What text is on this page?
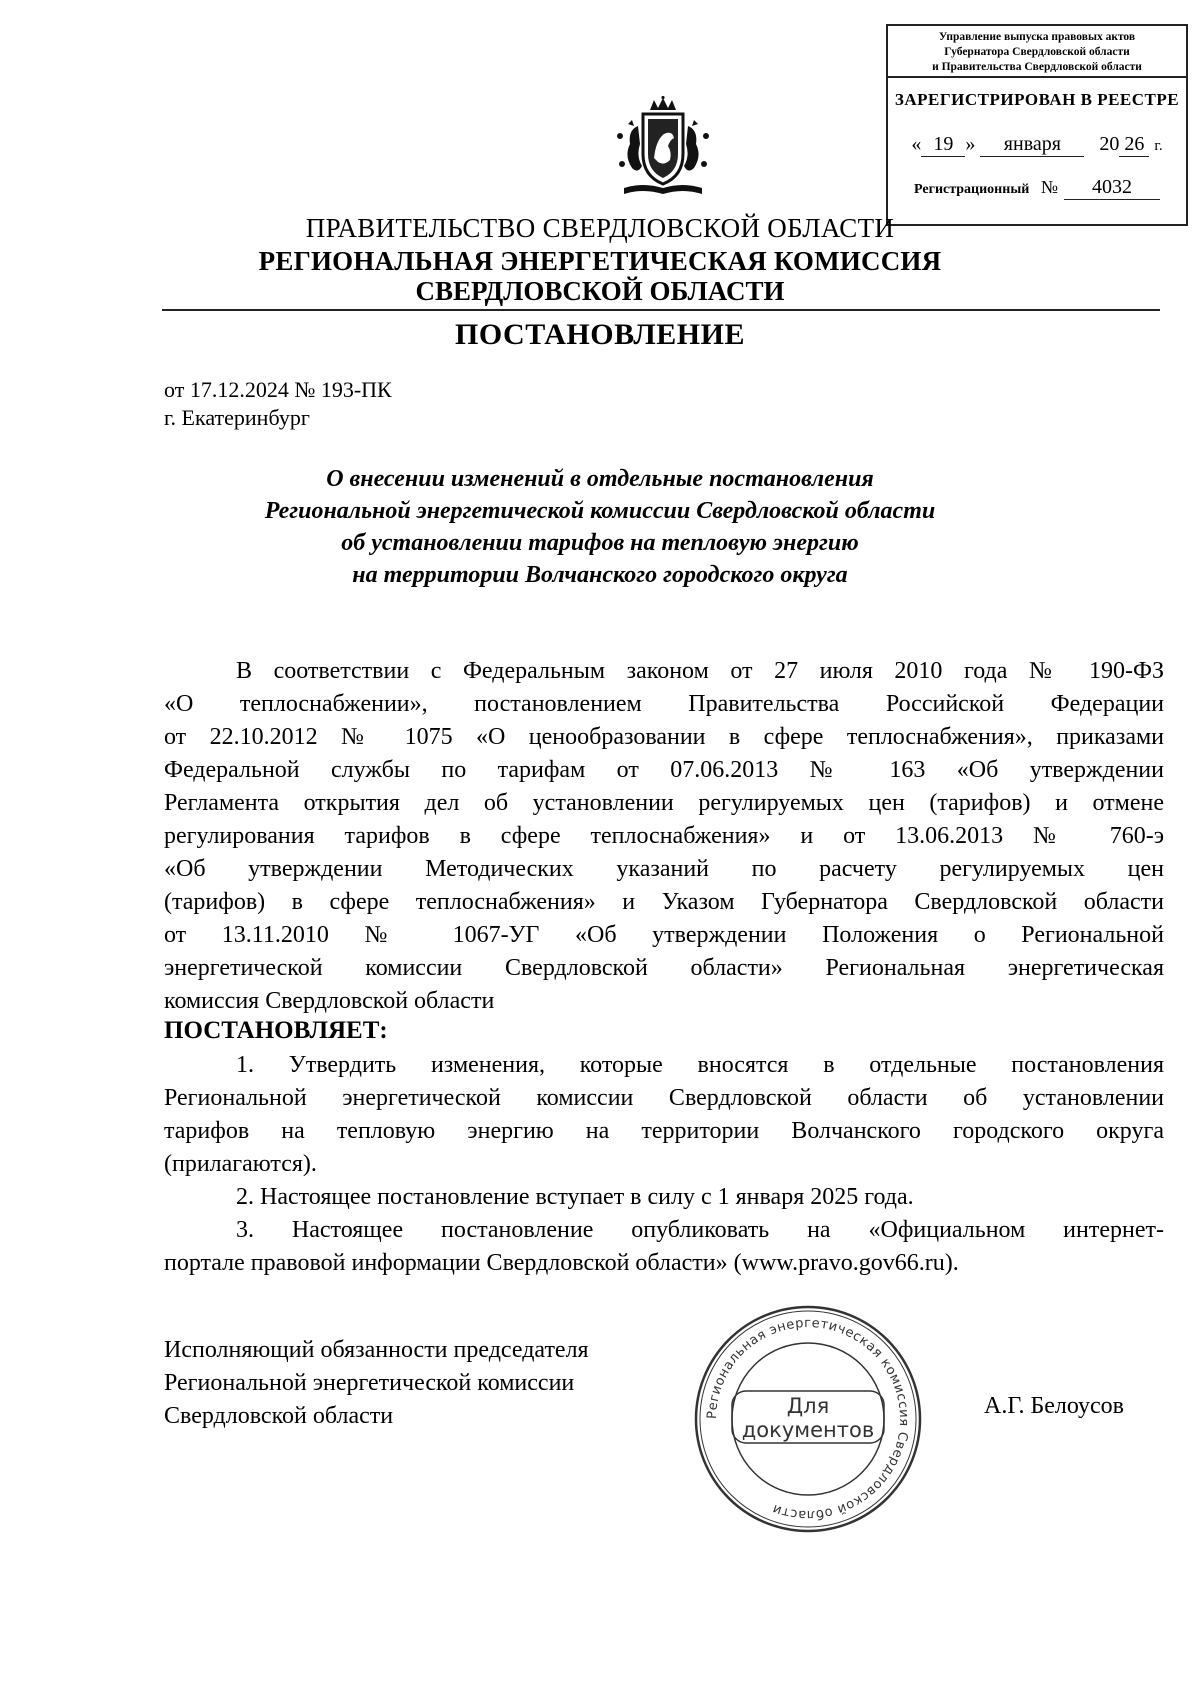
Управление выпуска правовых актов
Губернатора Свердловской области
и Правительства Свердловской области
ЗАРЕГИСТРИРОВАН В РЕЕСТРЕ
« 19 » января 20 26 г.
Регистрационный № 4032
ПРАВИТЕЛЬСТВО СВЕРДЛОВСКОЙ ОБЛАСТИ
РЕГИОНАЛЬНАЯ ЭНЕРГЕТИЧЕСКАЯ КОМИССИЯ
СВЕРДЛОВСКОЙ ОБЛАСТИ
ПОСТАНОВЛЕНИЕ
от 17.12.2024 № 193-ПК
г. Екатеринбург
О внесении изменений в отдельные постановления
Региональной энергетической комиссии Свердловской области
об установлении тарифов на тепловую энергию
на территории Волчанского городского округа
В соответствии с Федеральным законом от 27 июля 2010 года № 190-ФЗ
«О теплоснабжении», постановлением Правительства Российской Федерации
от 22.10.2012 № 1075 «О ценообразовании в сфере теплоснабжения», приказами
Федеральной службы по тарифам от 07.06.2013 № 163 «Об утверждении
Регламента открытия дел об установлении регулируемых цен (тарифов) и отмене
регулирования тарифов в сфере теплоснабжения» и от 13.06.2013 № 760-э
«Об утверждении Методических указаний по расчету регулируемых цен
(тарифов) в сфере теплоснабжения» и Указом Губернатора Свердловской области
от 13.11.2010 № 1067-УГ «Об утверждении Положения о Региональной
энергетической комиссии Свердловской области» Региональная энергетическая
комиссия Свердловской области
ПОСТАНОВЛЯЕТ:
1. Утвердить изменения, которые вносятся в отдельные постановления
Региональной энергетической комиссии Свердловской области об установлении
тарифов на тепловую энергию на территории Волчанского городского округа
(прилагаются).
2. Настоящее постановление вступает в силу с 1 января 2025 года.
3. Настоящее постановление опубликовать на «Официальном интернет-
портале правовой информации Свердловской области» (www.pravo.gov66.ru).
Исполняющий обязанности председателя
Региональной энергетической комиссии
Свердловской области	А.Г. Белоусов
Региональная энергетическая комиссия Свердловской области
Для
документов
